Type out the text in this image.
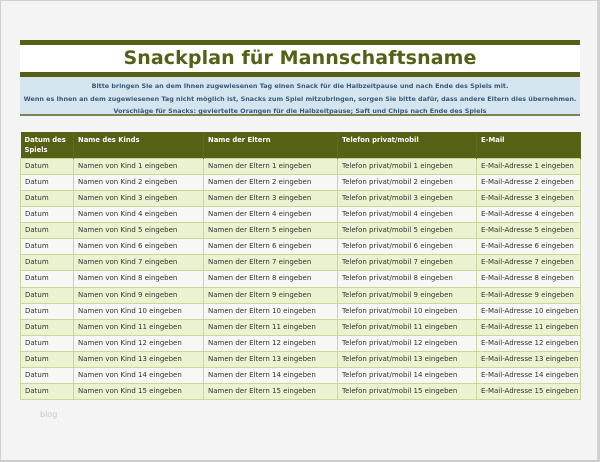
Snackplan für Mannschaftsname
Bitte bringen Sie an dem Ihnen zugewiesenen Tag einen Snack für die Halbzeitpause und nach Ende des Spiels mit.
Wenn es Ihnen an dem zugewiesenen Tag nicht möglich ist, Snacks zum Spiel mitzubringen, sorgen Sie bitte dafür, dass andere Eltern dies übernehmen.
Vorschläge für Snacks: geviertelte Orangen für die Halbzeitpause; Saft und Chips nach Ende des Spiels
Datum des Spiels	Name des Kinds	Name der Eltern	Telefon privat/mobil	E-Mail
Datum	Namen von Kind 1 eingeben	Namen der Eltern 1 eingeben	Telefon privat/mobil 1 eingeben	E-Mail-Adresse 1 eingeben
Datum	Namen von Kind 2 eingeben	Namen der Eltern 2 eingeben	Telefon privat/mobil 2 eingeben	E-Mail-Adresse 2 eingeben
Datum	Namen von Kind 3 eingeben	Namen der Eltern 3 eingeben	Telefon privat/mobil 3 eingeben	E-Mail-Adresse 3 eingeben
Datum	Namen von Kind 4 eingeben	Namen der Eltern 4 eingeben	Telefon privat/mobil 4 eingeben	E-Mail-Adresse 4 eingeben
Datum	Namen von Kind 5 eingeben	Namen der Eltern 5 eingeben	Telefon privat/mobil 5 eingeben	E-Mail-Adresse 5 eingeben
Datum	Namen von Kind 6 eingeben	Namen der Eltern 6 eingeben	Telefon privat/mobil 6 eingeben	E-Mail-Adresse 6 eingeben
Datum	Namen von Kind 7 eingeben	Namen der Eltern 7 eingeben	Telefon privat/mobil 7 eingeben	E-Mail-Adresse 7 eingeben
Datum	Namen von Kind 8 eingeben	Namen der Eltern 8 eingeben	Telefon privat/mobil 8 eingeben	E-Mail-Adresse 8 eingeben
Datum	Namen von Kind 9 eingeben	Namen der Eltern 9 eingeben	Telefon privat/mobil 9 eingeben	E-Mail-Adresse 9 eingeben
Datum	Namen von Kind 10 eingeben	Namen der Eltern 10 eingeben	Telefon privat/mobil 10 eingeben	E-Mail-Adresse 10 eingeben
Datum	Namen von Kind 11 eingeben	Namen der Eltern 11 eingeben	Telefon privat/mobil 11 eingeben	E-Mail-Adresse 11 eingeben
Datum	Namen von Kind 12 eingeben	Namen der Eltern 12 eingeben	Telefon privat/mobil 12 eingeben	E-Mail-Adresse 12 eingeben
Datum	Namen von Kind 13 eingeben	Namen der Eltern 13 eingeben	Telefon privat/mobil 13 eingeben	E-Mail-Adresse 13 eingeben
Datum	Namen von Kind 14 eingeben	Namen der Eltern 14 eingeben	Telefon privat/mobil 14 eingeben	E-Mail-Adresse 14 eingeben
Datum	Namen von Kind 15 eingeben	Namen der Eltern 15 eingeben	Telefon privat/mobil 15 eingeben	E-Mail-Adresse 15 eingeben
blog
